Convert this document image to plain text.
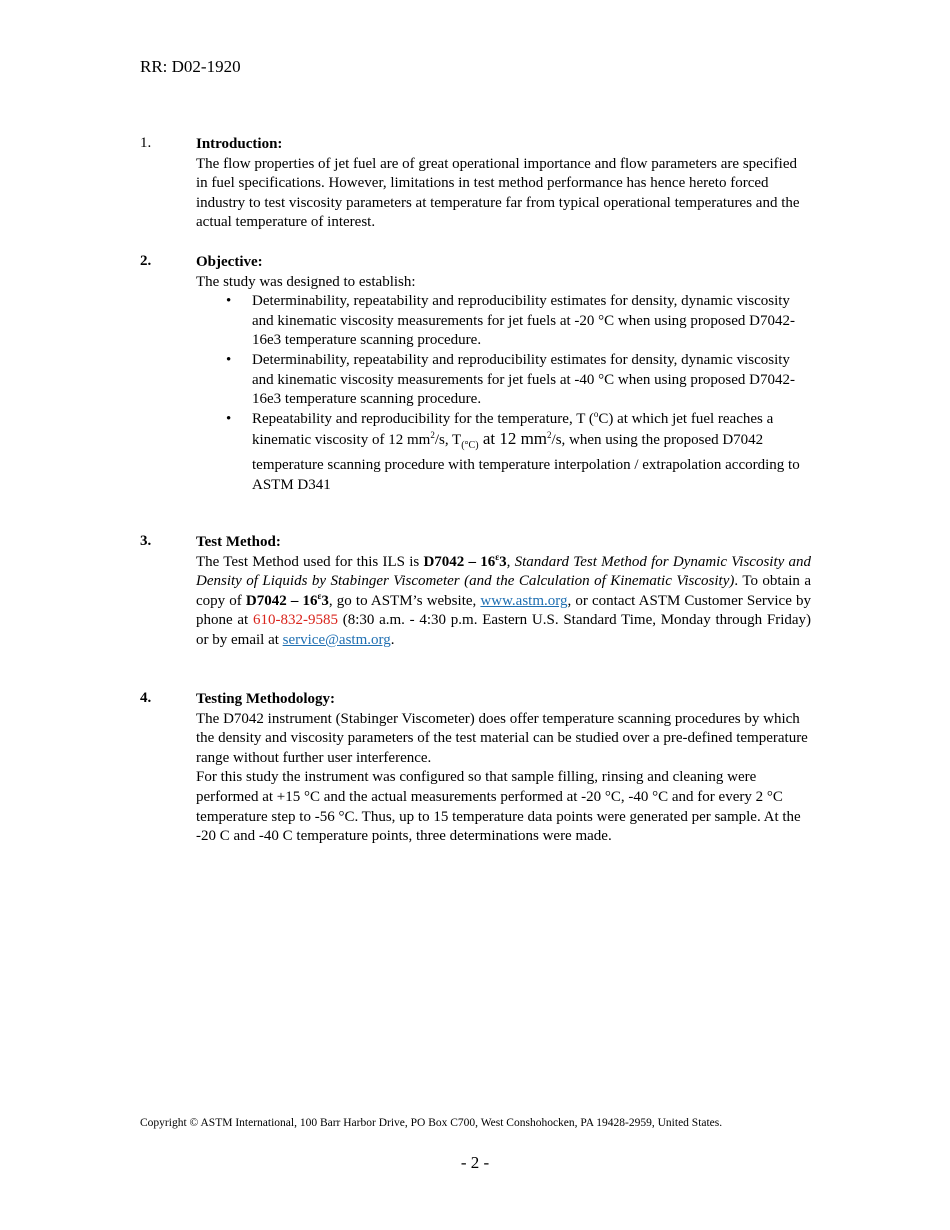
RR: D02-1920
1.	Introduction:
The flow properties of jet fuel are of great operational importance and flow parameters are specified in fuel specifications. However, limitations in test method performance has hence hereto forced industry to test viscosity parameters at temperature far from typical operational temperatures and the actual temperature of interest.
2.	Objective:
The study was designed to establish:
• Determinability, repeatability and reproducibility estimates for density, dynamic viscosity and kinematic viscosity measurements for jet fuels at -20 °C when using proposed D7042-16e3 temperature scanning procedure.
• Determinability, repeatability and reproducibility estimates for density, dynamic viscosity and kinematic viscosity measurements for jet fuels at -40 °C when using proposed D7042-16e3 temperature scanning procedure.
• Repeatability and reproducibility for the temperature, T ($^o$C) at which jet fuel reaches a kinematic viscosity of 12 $mm^2/s$, $T_{(^\circ C)}$ at 12 $mm^2/s$, when using the proposed D7042 temperature scanning procedure with temperature interpolation / extrapolation according to ASTM D341
3.	Test Method:
The Test Method used for this ILS is $D7042 - 16^\varepsilon 3$, Standard Test Method for Dynamic Viscosity and Density of Liquids by Stabinger Viscometer (and the Calculation of Kinematic Viscosity). To obtain a copy of $D7042 - 16^\varepsilon 3$, go to ASTM’s website, www.astm.org, or contact ASTM Customer Service by phone at 610-832-9585 (8:30 a.m. - 4:30 p.m. Eastern U.S. Standard Time, Monday through Friday) or by email at service@astm.org.
4.	Testing Methodology:
The D7042 instrument (Stabinger Viscometer) does offer temperature scanning procedures by which the density and viscosity parameters of the test material can be studied over a pre-defined temperature range without further user interference.
For this study the instrument was configured so that sample filling, rinsing and cleaning were performed at +15 °C and the actual measurements performed at -20 °C, -40 °C and for every 2 °C temperature step to -56 °C. Thus, up to 15 temperature data points were generated per sample. At the -20 C and -40 C temperature points, three determinations were made.
Copyright © ASTM International, 100 Barr Harbor Drive, PO Box C700, West Conshohocken, PA 19428-2959, United States.
- 2 -
